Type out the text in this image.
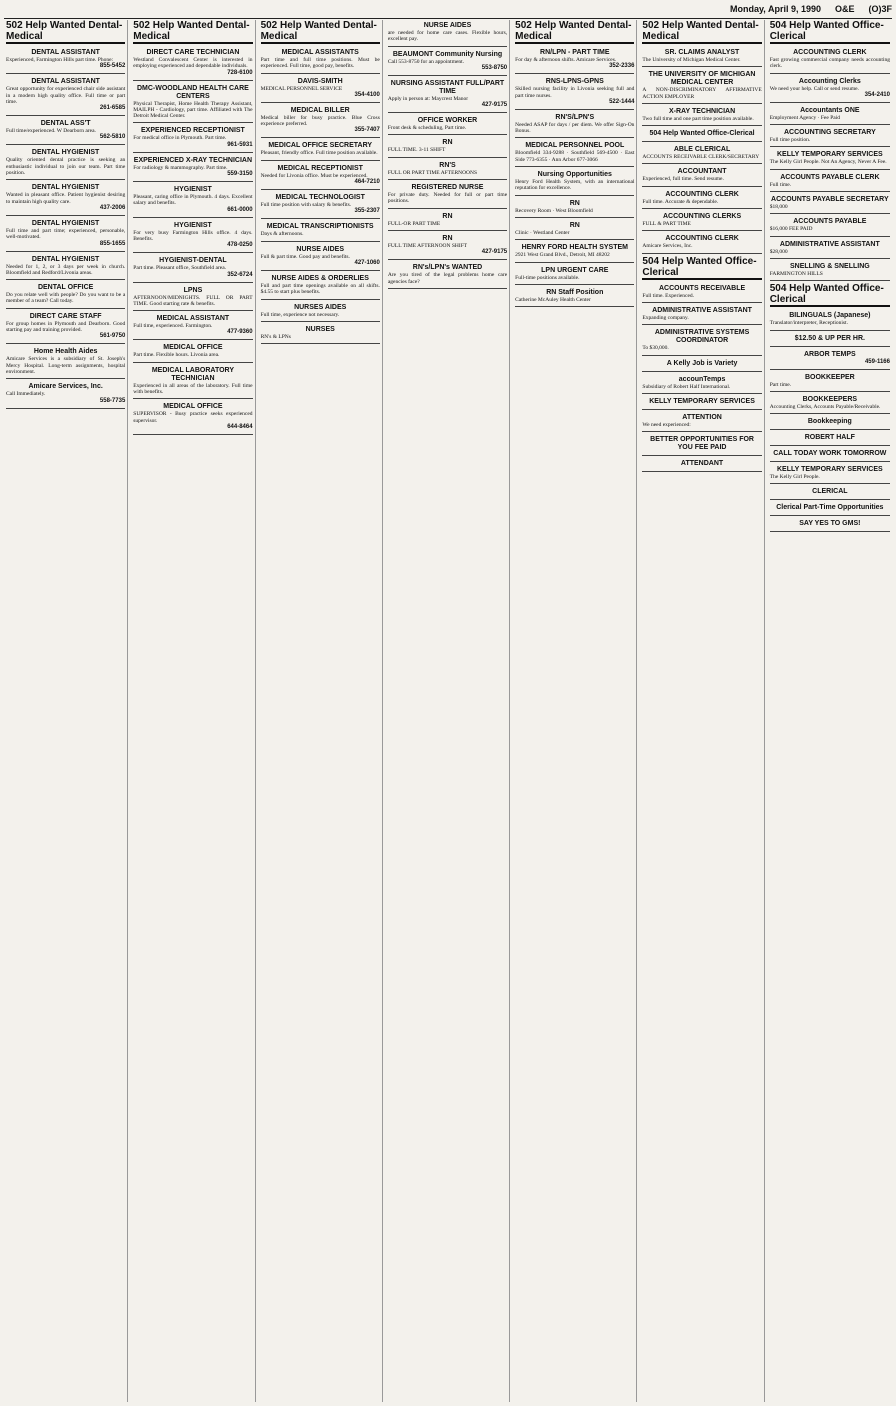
Monday, April 9, 1990 O&E (O)3F
502 Help Wanted Dental-Medical
DENTAL ASSISTANT

Experienced, Farmington Hills part time. Phone:

855-5452
DENTAL ASSISTANT

Great opportunity for experienced chair side assistant in a modern high quality office. Full time or part time.

261-6585
DENTAL ASS'T

Full time/experienced. W Dearborn area.

562-5810
DENTAL HYGIENIST

Quality oriented dental practice is seeking an enthusiastic individual to join our team. Part time position.

DENTAL HYGIENIST

Wanted in pleasant office. Patient hygienist desiring to maintain high quality care.

437-2006
DENTAL HYGIENIST

Full time and part time; experienced, personable, well-motivated.

855-1655
DENTAL HYGIENIST

Needed for 1, 2, or 3 days per week in church. Bloomfield and Redford/Livonia areas.

DENTAL OFFICE

Do you relate well with people? Do you want to be a member of a team? Call today.

DIRECT CARE STAFF

For group homes in Plymouth and Dearborn. Good starting pay and training provided.

561-9750
Home Health Aides

Amicare Services is a subsidiary of St. Joseph's Mercy Hospital. Long-term assignments, hospital environment.

Amicare Services, Inc.

Call Immediately.

558-7735
502 Help Wanted Dental-Medical
DIRECT CARE TECHNICIAN

Westland Convalescent Center is interested in employing experienced and dependable individuals.

728-6100
DMC-WOODLAND HEALTH CARE CENTERS

Physical Therapist, Home Health Therapy Assistant, MAILPH - Cardiology, part time. Affiliated with The Detroit Medical Center.

EXPERIENCED RECEPTIONIST

For medical office in Plymouth. Part time.

961-5931
EXPERIENCED X-RAY TECHNICIAN

For radiology & mammography. Part time.

559-3150
HYGIENIST

Pleasant, caring office in Plymouth. 4 days. Excellent salary and benefits.

661-0000
HYGIENIST

For very busy Farmington Hills office. 4 days. Benefits.

478-0250
HYGIENIST-DENTAL

Part time. Pleasant office, Southfield area.

352-6724
LPNS

AFTERNOON/MIDNIGHTS. FULL OR PART TIME. Good starting rate & benefits.

MEDICAL ASSISTANT

Full time, experienced. Farmington.

477-9360
MEDICAL OFFICE

Part time. Flexible hours. Livonia area.

MEDICAL LABORATORY TECHNICIAN

Experienced in all areas of the laboratory. Full time with benefits.

MEDICAL OFFICE

SUPERVISOR - Busy practice seeks experienced supervisor.

644-8464
502 Help Wanted Dental-Medical
MEDICAL ASSISTANTS

Part time and full time positions. Must be experienced. Full time, good pay, benefits.

DAVIS-SMITH

MEDICAL PERSONNEL SERVICE

354-4100
MEDICAL BILLER

Medical biller for busy practice. Blue Cross experience preferred.

355-7407
MEDICAL OFFICE SECRETARY

Pleasant, friendly office. Full time position available.

MEDICAL RECEPTIONIST

Needed for Livonia office. Must be experienced.

464-7210
MEDICAL TECHNOLOGIST

Full time position with salary & benefits.

355-2307
MEDICAL TRANSCRIPTIONISTS

Days & afternoons.

NURSE AIDES

Full & part time. Good pay and benefits.

427-1060
NURSE AIDES & ORDERLIES

Full and part time openings available on all shifts. $4.55 to start plus benefits.

NURSES AIDES

Full time, experience not necessary.

NURSES

RN's & LPNs

NURSE AIDES

are needed for home care cases. Flexible hours, excellent pay.

BEAUMONT Community Nursing

Call 553-8750 for an appointment.

553-8750
NURSING ASSISTANT FULL/PART TIME

Apply in person at: Maycrest Manor

427-9175
OFFICE WORKER

Front desk & scheduling, Part time.

RN

FULL TIME. 3-11 SHIFT

RN'S

FULL OR PART TIME AFTERNOONS

REGISTERED NURSE

For private duty. Needed for full or part time positions.

RN

FULL-OR PART TIME

RN

FULL TIME AFTERNOON SHIFT

427-9175
RN's/LPN's WANTED

Are you tired of the legal problems home care agencies face?

502 Help Wanted Dental-Medical
RN/LPN - PART TIME

For day & afternoon shifts. Amicare Services.

352-2336
RNS-LPNS-GPNS

Skilled nursing facility in Livonia seeking full and part time nurses.

522-1444
RN'S/LPN'S

Needed ASAP for days / per diem. We offer Sign-On Bonus.

MEDICAL PERSONNEL POOL

Bloomfield 334-9288 · Southfield 569-4500 · East Side 773-6355 · Ann Arbor 677-3066

Nursing Opportunities

Henry Ford Health System, with an international reputation for excellence.

RN

Recovery Room · West Bloomfield

RN

Clinic · Westland Center

HENRY FORD HEALTH SYSTEM

2921 West Grand Blvd., Detroit, MI 48202

LPN URGENT CARE

Full-time positions available.

RN Staff Position

Catherine McAuley Health Center

502 Help Wanted Dental-Medical
SR. CLAIMS ANALYST

The University of Michigan Medical Center.

THE UNIVERSITY OF MICHIGAN MEDICAL CENTER

A NON-DISCRIMINATORY AFFIRMATIVE ACTION EMPLOYER

X-RAY TECHNICIAN

Two full time and one part time position available.

504 Help Wanted Office-Clerical
ABLE CLERICAL

ACCOUNTS RECEIVABLE CLERK/SECRETARY

ACCOUNTANT

Experienced, full time. Send resume.

ACCOUNTING CLERK

Full time. Accurate & dependable.

ACCOUNTING CLERKS

FULL & PART TIME

ACCOUNTING CLERK

Amicare Services, Inc.

504 Help Wanted Office-Clerical
ACCOUNTS RECEIVABLE

Full time. Experienced.

ADMINISTRATIVE ASSISTANT

Expanding company.

ADMINISTRATIVE SYSTEMS COORDINATOR

To $30,000.

A Kelly Job is Variety
accounTemps

Subsidiary of Robert Half International.

KELLY TEMPORARY SERVICES
ATTENTION

We need experienced:

BETTER OPPORTUNITIES FOR YOU FEE PAID
ATTENDANT
504 Help Wanted Office-Clerical
ACCOUNTING CLERK

Fast growing commercial company needs accounting clerk.

Accounting Clerks

We need your help. Call or send resume.

354-2410
Accountants ONE

Employment Agency · Fee Paid

ACCOUNTING SECRETARY

Full time position.

KELLY TEMPORARY SERVICES

The Kelly Girl People. Not An Agency, Never A Fee.

ACCOUNTS PAYABLE CLERK

Full time.

ACCOUNTS PAYABLE SECRETARY

$18,000

ACCOUNTS PAYABLE

$16,000 FEE PAID

ADMINISTRATIVE ASSISTANT

$28,000

SNELLING & SNELLING

FARMINGTON HILLS

504 Help Wanted Office-Clerical
BILINGUALS (Japanese)

Translator/interpreter, Receptionist.

$12.50 & UP PER HR.
ARBOR TEMPS
459-1166
BOOKKEEPER

Part time.

BOOKKEEPERS

Accounting Clerks, Accounts Payable/Receivable.

Bookkeeping
ROBERT HALF
CALL TODAY WORK TOMORROW
KELLY TEMPORARY SERVICES

The Kelly Girl People.

CLERICAL
Clerical Part-Time Opportunities
SAY YES TO GMS!
